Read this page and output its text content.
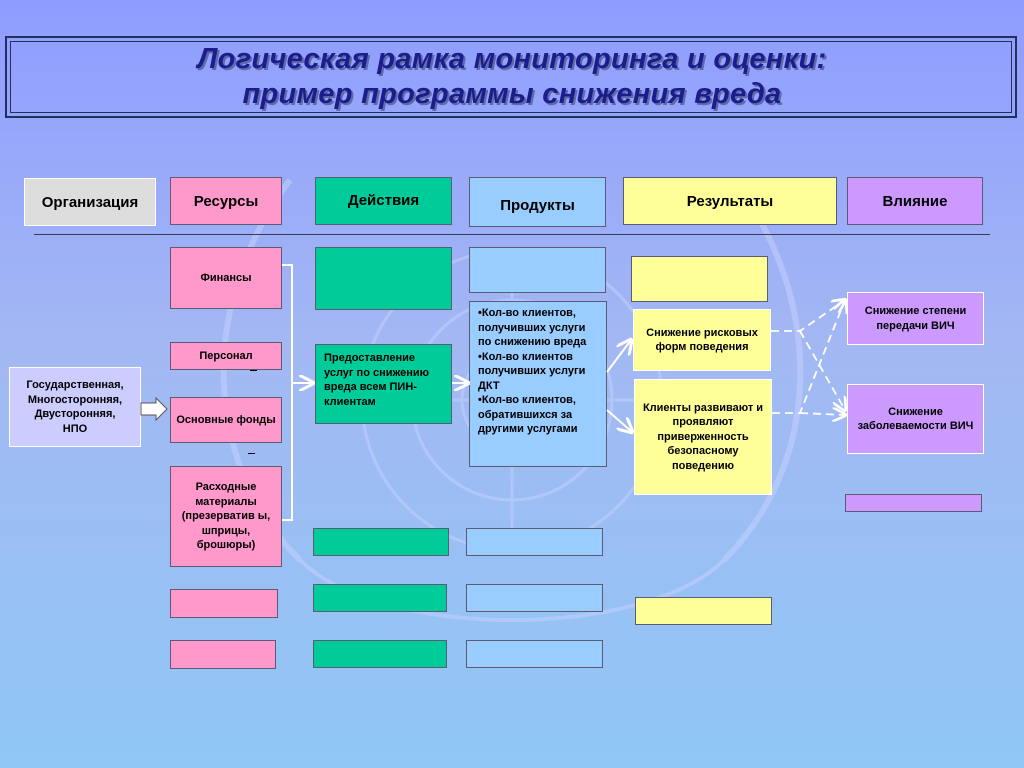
Логическая рамка мониторинга и оценки:
пример программы снижения вреда
Организация	Ресурсы	Действия	Продукты	Результаты	Влияние
Государственная,
Многосторонняя,
Двусторонняя,
НПО
Финансы
Персонал
Основные фонды
Расходные материалы (презерватив ы, шприцы, брошюры)
Предоставление услуг по снижению вреда всем ПИН-клиентам
•Кол-во клиентов, получивших услуги по снижению вреда
•Кол-во клиентов получивших услуги ДКТ
•Кол-во клиентов, обратившихся за другими услугами
Снижение рисковых форм поведения
Клиенты развивают и проявляют приверженность безопасному поведению
Снижение степени передачи ВИЧ
Снижение заболеваемости ВИЧ
